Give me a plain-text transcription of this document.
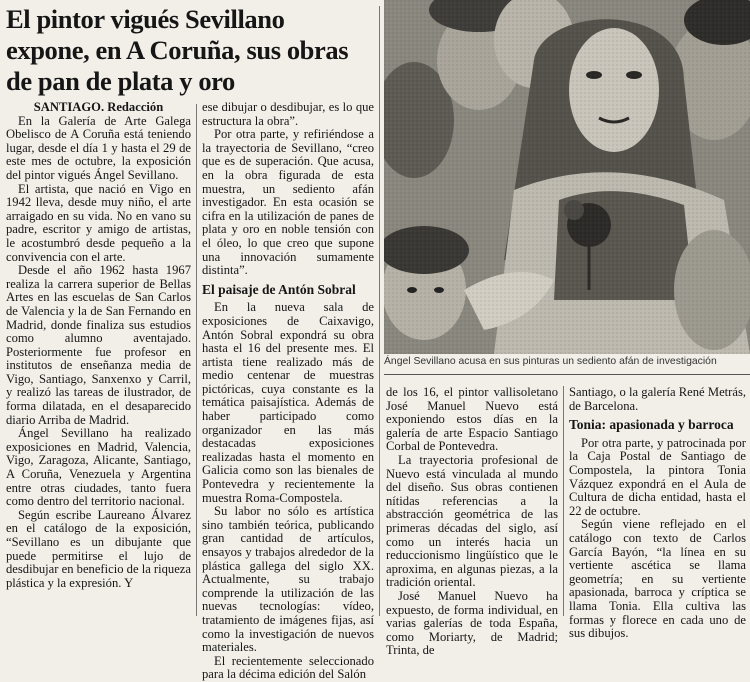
El pintor vigués Sevillano expone, en A Coruña, sus obras de pan de plata y oro
SANTIAGO. Redacción

En la Galería de Arte Galega Obelisco de A Coruña está teniendo lugar, desde el día 1 y hasta el 29 de este mes de octubre, la exposición del pintor vigués Ángel Sevillano.

El artista, que nació en Vigo en 1942 lleva, desde muy niño, el arte arraigado en su vida. No en vano su padre, escritor y amigo de artistas, le acostumbró desde pequeño a la convivencia con el arte.

Desde el año 1962 hasta 1967 realiza la carrera superior de Bellas Artes en las escuelas de San Carlos de Valencia y la de San Fernando en Madrid, donde finaliza sus estudios como alumno aventajado. Posteriormente fue profesor en institutos de enseñanza media de Vigo, Santiago, Sanxenxo y Carril, y realizó las tareas de ilustrador, de forma dilatada, en el desaparecido diario Arriba de Madrid.

Ángel Sevillano ha realizado exposiciones en Madrid, Valencia, Vigo, Zaragoza, Alicante, Santiago, A Coruña, Venezuela y Argentina entre otras ciudades, tanto fuera como dentro del territorio nacional.

Según escribe Laureano Álvarez en el catálogo de la exposición, “Sevillano es un dibujante que puede permitirse el lujo de desdibujar en beneficio de la riqueza plástica y la expresión. Y

ese dibujar o desdibujar, es lo que estructura la obra”.

Por otra parte, y refiriéndose a la trayectoria de Sevillano, “creo que es de superación. Que acusa, en la obra figurada de esta muestra, un sediento afán investigador. En esta ocasión se cifra en la utilización de panes de plata y oro en noble tensión con el óleo, lo que creo que supone una innovación sumamente distinta”.

El paisaje de Antón Sobral

En la nueva sala de exposiciones de Caixavigo, Antón Sobral expondrá su obra hasta el 16 del presente mes. El artista tiene realizado más de medio centenar de muestras pictóricas, cuya constante es la temática paisajística. Además de haber participado como organizador en las más destacadas exposiciones realizadas hasta el momento en Galicia como son las bienales de Pontevedra y recientemente la muestra Roma-Compostela.

Su labor no sólo es artística sino también teórica, publicando gran cantidad de artículos, ensayos y trabajos alrededor de la plástica gallega del siglo XX. Actualmente, su trabajo comprende la utilización de las nuevas tecnologías: vídeo, tratamiento de imágenes fijas, así como la investigación de nuevos materiales.

El recientemente seleccionado para la décima edición del Salón

Ángel Sevillano acusa en sus pinturas un sediento afán de investigación

de los 16, el pintor vallisoletano José Manuel Nuevo está exponiendo estos días en la galería de arte Espacio Santiago Corbal de Pontevedra.

La trayectoria profesional de Nuevo está vinculada al mundo del diseño. Sus obras contienen nítidas referencias a la abstracción geométrica de las primeras décadas del siglo, así como un interés hacia un reduccionismo lingüístico que le aproxima, en algunas piezas, a la tradición oriental.

José Manuel Nuevo ha expuesto, de forma individual, en varias galerías de toda España, como Moriarty, de Madrid; Trinta, de

Santiago, o la galería René Metrás, de Barcelona.

Tonia: apasionada y barroca

Por otra parte, y patrocinada por la Caja Postal de Santiago de Compostela, la pintora Tonia Vázquez expondrá en el Aula de Cultura de dicha entidad, hasta el 22 de octubre.

Según viene reflejado en el catálogo con texto de Carlos García Bayón, “la línea en su vertiente ascética se llama geometría; en su vertiente apasionada, barroca y críptica se llama Tonia. Ella cultiva las formas y florece en cada uno de sus dibujos.
